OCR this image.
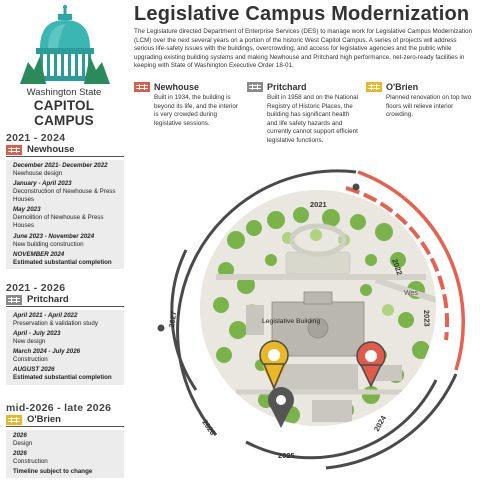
Washington State
CAPITOL CAMPUS
Legislative Campus Modernization
The Legislature directed Department of Enterprise Services (DES) to manage work for Legislative Campus Modernization (LCM) over the next several years on a portion of the historic West Capitol Campus. A series of projects will address serious life-safety issues with the buildings, overcrowding, and access for legislative agencies and the public while upgrading existing building systems and making Newhouse and Pritchard high performance, net-zero-ready facilities in keeping with State of Washington Executive Order 18-01.
Newhouse
Built in 1934, the building is beyond its life, and the interior is very crowded during legislative sessions.
Pritchard
Built in 1958 and on the National Registry of Historic Places, the building has significant health and life safety hazards and currently cannot support efficient legislative functions.
O'Brien
Planned renovation on top two floors will relieve interior crowding.
2021 - 2024
Newhouse

December 2021- December 2022

Newhouse design

January - April 2023

Deconstruction of Newhouse & Press Houses

May 2023

Demolition of Newhouse & Press Houses

June 2023 - November 2024

New building construction

NOVEMBER 2024

Estimated substantial completion

2021 - 2026
Pritchard

April 2021 - April 2022

Preservation & validation study

April - July 2023

New design

March 2024 - July 2026

Construction

AUGUST 2026

Estimated substantial completion

mid-2026 - late 2026
O'Brien

2026

Design

2026

Construction

Timeline subject to change

Legislative Building
Wes
2021
2022
2023
2024
2025
2026
2027
